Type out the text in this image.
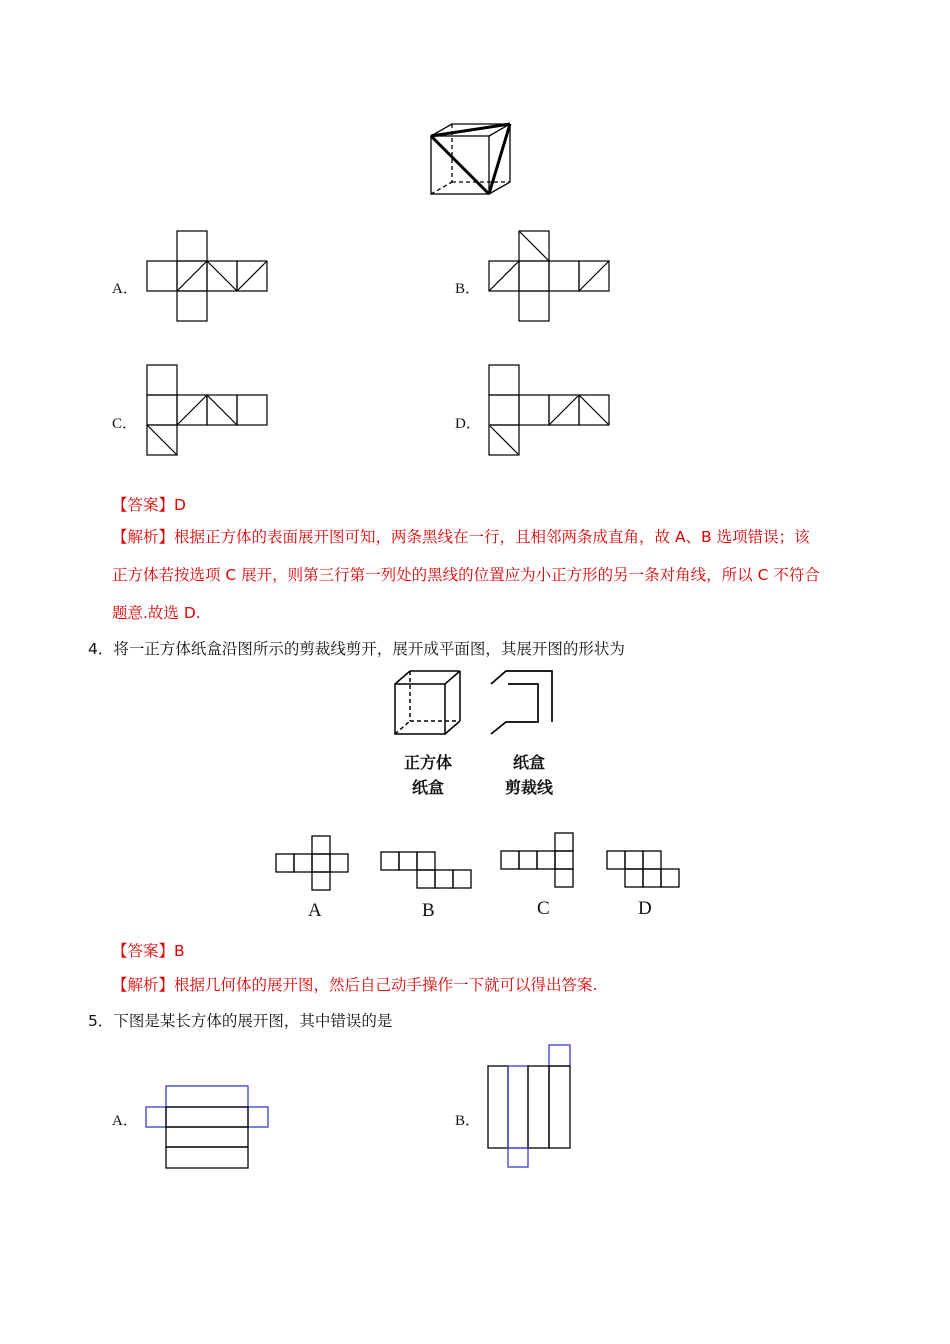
A．	B．
C．	D．
【答案】D
【解析】根据正方体的表面展开图可知，两条黑线在一行，且相邻两条成直角，故 A、B 选项错误；该
正方体若按选项 C 展开，则第三行第一列处的黑线的位置应为小正方形的另一条对角线，所以 C 不符合
题意.故选 D.
4．将一正方体纸盒沿图所示的剪裁线剪开，展开成平面图，其展开图的形状为
正方体
纸盒
纸盒
剪裁线
A	B	C	D
【答案】B
【解析】根据几何体的展开图，然后自己动手操作一下就可以得出答案.
5．下图是某长方体的展开图，其中错误的是
A．	B．
